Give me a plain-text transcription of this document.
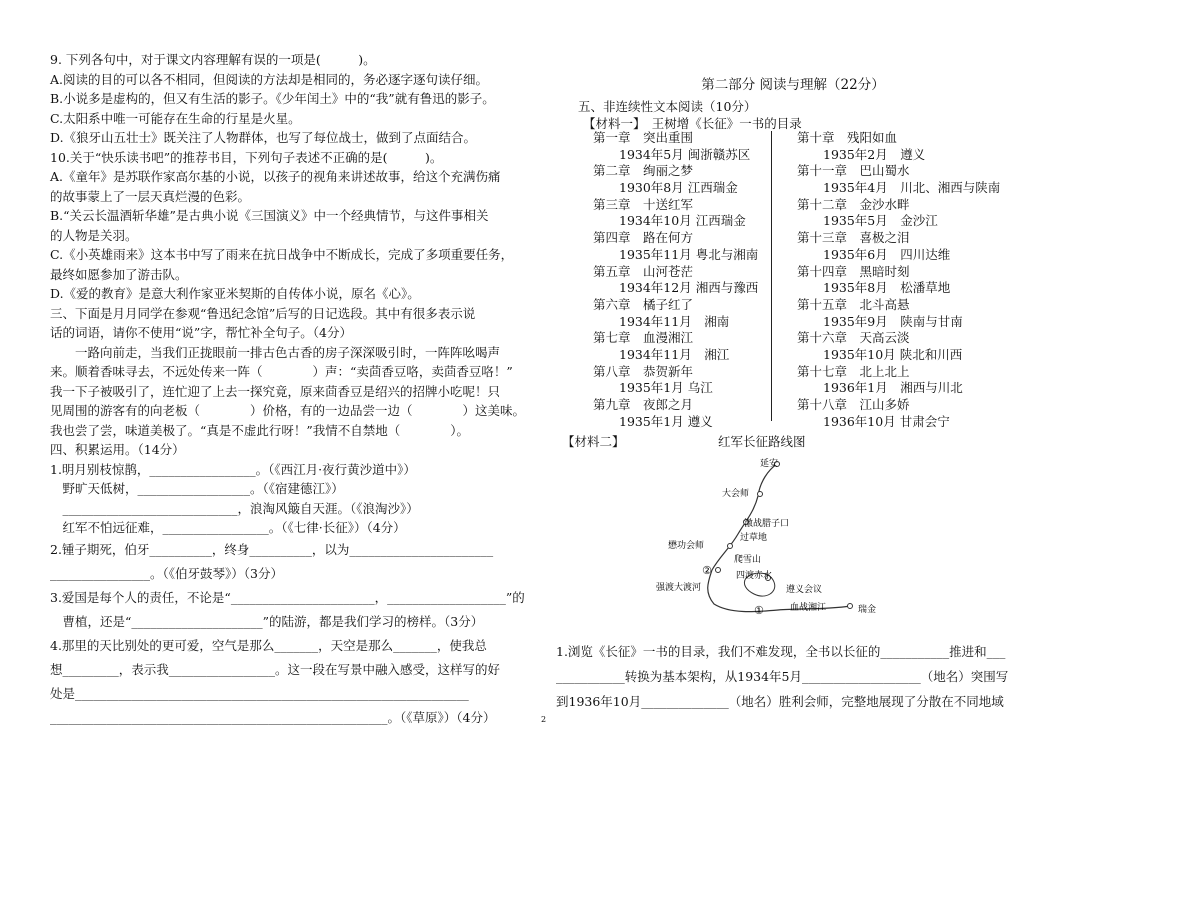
9. 下列各句中，对于课文内容理解有误的一项是(　　　)。
A.阅读的目的可以各不相同，但阅读的方法却是相同的，务必逐字逐句读仔细。
B.小说多是虚构的，但又有生活的影子。《少年闰土》中的“我”就有鲁迅的影子。
C.太阳系中唯一可能存在生命的行星是火星。
D.《狼牙山五壮士》既关注了人物群体，也写了每位战士，做到了点面结合。
10.关于“快乐读书吧”的推荐书目，下列句子表述不正确的是(　　　)。
A.《童年》是苏联作家高尔基的小说，以孩子的视角来讲述故事，给这个充满伤痛
的故事蒙上了一层天真烂漫的色彩。
B.“关云长温酒斩华雄”是古典小说《三国演义》中一个经典情节，与这件事相关
的人物是关羽。
C.《小英雄雨来》这本书中写了雨来在抗日战争中不断成长，完成了多项重要任务，
最终如愿参加了游击队。
D.《爱的教育》是意大利作家亚米契斯的自传体小说，原名《心》。
三、下面是月月同学在参观“鲁迅纪念馆”后写的日记选段。其中有很多表示说
话的词语，请你不使用“说”字，帮忙补全句子。（4分）
　　一路向前走，当我们正拢眼前一排古色古香的房子深深吸引时，一阵阵吆喝声
来。顺着香味寻去，不远处传来一阵（　　　　）声：“卖茴香豆咯，卖茴香豆咯！”
我一下子被吸引了，连忙迎了上去一探究竟，原来茴香豆是绍兴的招牌小吃呢！只
见周围的游客有的向老板（　　　　）价格，有的一边品尝一边（　　　　）这美味。
我也尝了尝，味道美极了。“真是不虚此行呀！”我情不自禁地（　　　　）。
四、积累运用。（14分）
1.明月别枝惊鹊，_________________。（《西江月·夜行黄沙道中》）
　野旷天低树，__________________。（《宿建德江》）
　____________________________，浪淘风簸自天涯。（《浪淘沙》）
　红军不怕远征难，_________________。（《七律·长征》）（4分）
2.锺子期死，伯牙__________，终身__________，以为_______________________
________________。（《伯牙鼓琴》）（3分）
3.爱国是每个人的责任，不论是“_______________________，___________________”的
　曹植，还是“_____________________”的陆游，都是我们学习的榜样。（3分）
4.那里的天比别处的更可爱，空气是那么_______，天空是那么_______，使我总
想_________，表示我_________________。这一段在写景中融入感受，这样写的好
处是_______________________________________________________________
______________________________________________________。（《草原》）（4分）
第二部分 阅读与理解（22分）
五、非连续性文本阅读（10分）
【材料一】　王树增《长征》一书的目录
第一章　突出重围
1934年5月 闽浙赣苏区
第二章　绚丽之梦
1930年8月 江西瑞金
第三章　十送红军
1934年10月 江西瑞金
第四章　路在何方
1935年11月 粤北与湘南
第五章　山河苍茫
1934年12月 湘西与豫西
第六章　橘子红了
1934年11月　湘南
第七章　血漫湘江
1934年11月　湘江
第八章　恭贺新年
1935年1月 乌江
第九章　夜郎之月
1935年1月 遵义
第十章　残阳如血
1935年2月　遵义
第十一章　巴山蜀水
1935年4月　川北、湘西与陕南
第十二章　金沙水畔
1935年5月　金沙江
第十三章　喜极之泪
1935年6月　四川达维
第十四章　黑暗时刻
1935年8月　松潘草地
第十五章　北斗高悬
1935年9月　陕南与甘南
第十六章　天高云淡
1935年10月 陕北和川西
第十七章　北上北上
1936年1月　湘西与川北
第十八章　江山多娇
1936年10月 甘肃会宁
【材料二】	红军长征路线图
延安
大会师
激战腊子口
过草地
懋功会师
爬雪山
②	四渡赤水
强渡大渡河	遵义会议
①	血战湘江	瑞金
1.浏览《长征》一书的目录，我们不难发现，全书以长征的___________推进和___
___________转换为基本架构，从1934年5月___________________（地名）突围写
到1936年10月______________（地名）胜利会师，完整地展现了分散在不同地域
2
